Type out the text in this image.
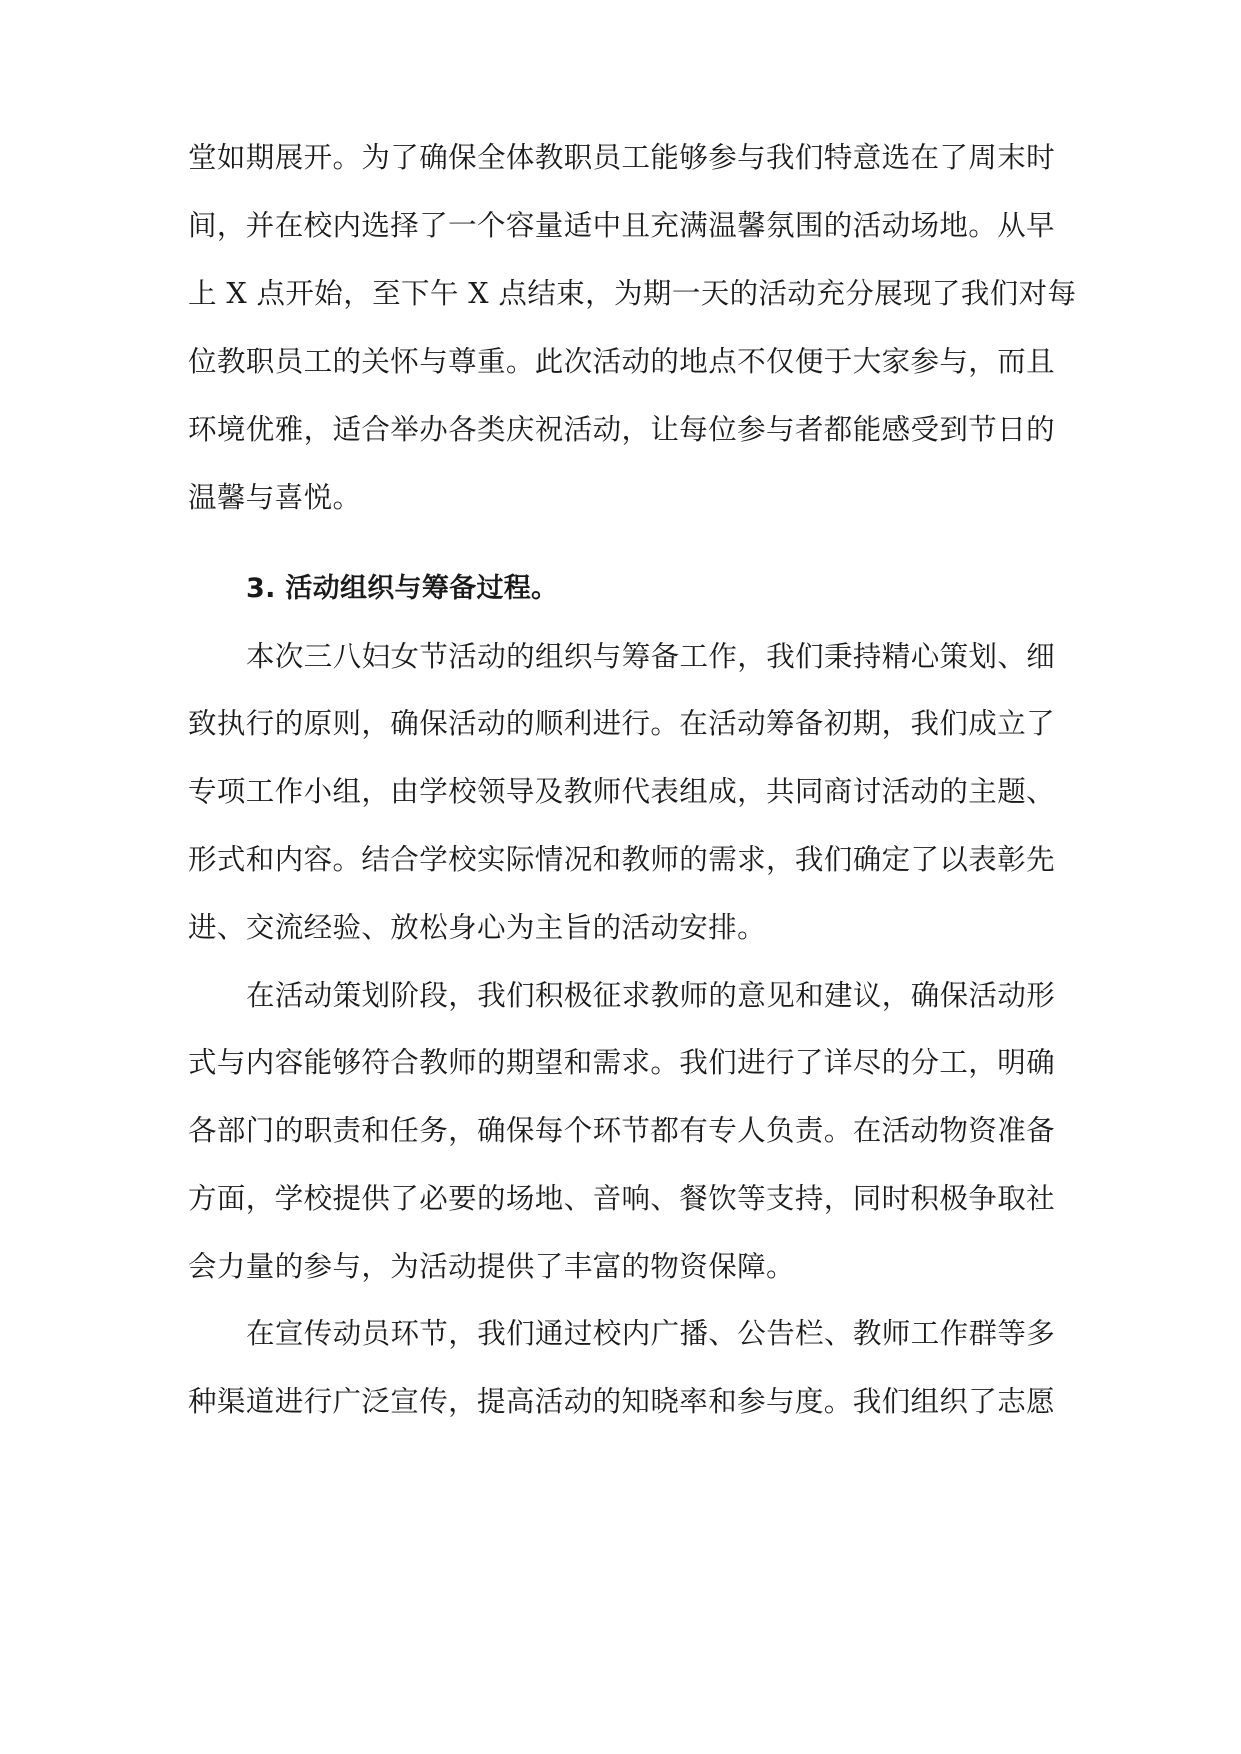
堂如期展开。为了确保全体教职员工能够参与我们特意选在了周末时
间，并在校内选择了一个容量适中且充满温馨氛围的活动场地。从早
上 X 点开始，至下午 X 点结束，为期一天的活动充分展现了我们对每
位教职员工的关怀与尊重。此次活动的地点不仅便于大家参与，而且
环境优雅，适合举办各类庆祝活动，让每位参与者都能感受到节日的
温馨与喜悦。
3. 活动组织与筹备过程。
本次三八妇女节活动的组织与筹备工作，我们秉持精心策划、细
致执行的原则，确保活动的顺利进行。在活动筹备初期，我们成立了
专项工作小组，由学校领导及教师代表组成，共同商讨活动的主题、
形式和内容。结合学校实际情况和教师的需求，我们确定了以表彰先
进、交流经验、放松身心为主旨的活动安排。
在活动策划阶段，我们积极征求教师的意见和建议，确保活动形
式与内容能够符合教师的期望和需求。我们进行了详尽的分工，明确
各部门的职责和任务，确保每个环节都有专人负责。在活动物资准备
方面，学校提供了必要的场地、音响、餐饮等支持，同时积极争取社
会力量的参与，为活动提供了丰富的物资保障。
在宣传动员环节，我们通过校内广播、公告栏、教师工作群等多
种渠道进行广泛宣传，提高活动的知晓率和参与度。我们组织了志愿
